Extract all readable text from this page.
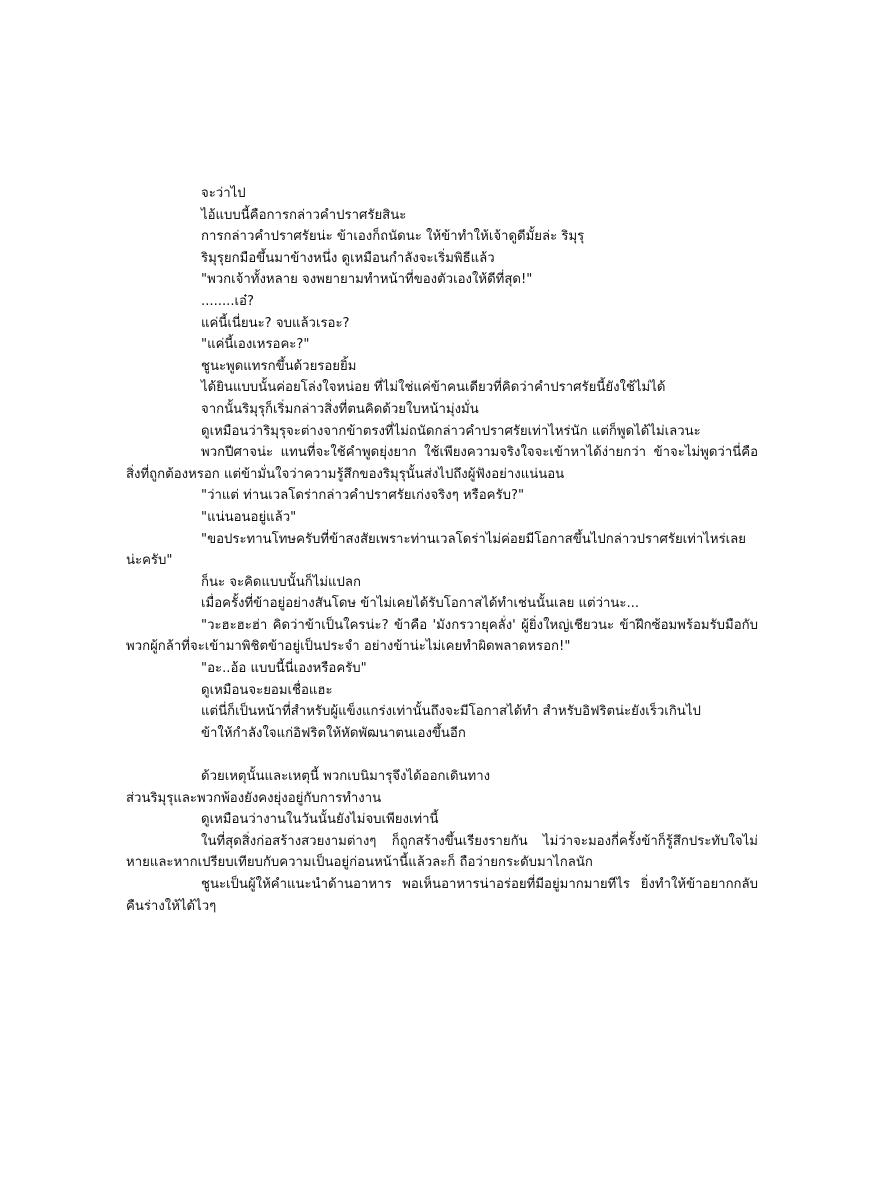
จะว่าไป

ไอ้แบบนี้คือการกล่าวคำปราศรัยสินะ

การกล่าวคำปราศรัยน่ะ ข้าเองก็ถนัดนะ ให้ข้าทำให้เจ้าดูดีมั้ยล่ะ ริมุรุ

ริมุรุยกมือขึ้นมาข้างหนึ่ง ดูเหมือนกำลังจะเริ่มพิธีแล้ว

"พวกเจ้าทั้งหลาย จงพยายามทำหน้าที่ของตัวเองให้ดีที่สุด!"

........เอ๋?

แค่นี้เนี่ยนะ? จบแล้วเรอะ?

"แค่นี้เองเหรอคะ?"

ชูนะพูดแทรกขึ้นด้วยรอยยิ้ม

ได้ยินแบบนั้นค่อยโล่งใจหน่อย ที่ไม่ใช่แค่ข้าคนเดียวที่คิดว่าคำปราศรัยนี้ยังใช้ไม่ได้

จากนั้นริมุรุก็เริ่มกล่าวสิ่งที่ตนคิดด้วยใบหน้ามุ่งมั่น

ดูเหมือนว่าริมุรุจะต่างจากข้าตรงที่ไม่ถนัดกล่าวคำปราศรัยเท่าไหร่นัก แต่ก็พูดได้ไม่เลวนะ

พวกปีศาจน่ะ แทนที่จะใช้คำพูดยุ่งยาก ใช้เพียงความจริงใจจะเข้าหาได้ง่ายกว่า ข้าจะไม่พูดว่านี่คือสิ่งที่ถูกต้องหรอก แต่ข้ามั่นใจว่าความรู้สึกของริมุรุนั้นส่งไปถึงผู้ฟังอย่างแน่นอน

"ว่าแต่ ท่านเวลโดร่ากล่าวคำปราศรัยเก่งจริงๆ หรือครับ?"

"แน่นอนอยู่แล้ว"

"ขอประทานโทษครับที่ข้าสงสัยเพราะท่านเวลโดร่าไม่ค่อยมีโอกาสขึ้นไปกล่าวปราศรัยเท่าไหร่เลยน่ะครับ"

ก็นะ จะคิดแบบนั้นก็ไม่แปลก

เมื่อครั้งที่ข้าอยู่อย่างสันโดษ ข้าไม่เคยได้รับโอกาสได้ทำเช่นนั้นเลย แต่ว่านะ...

"วะฮะฮะฮ่า คิดว่าข้าเป็นใครน่ะ? ข้าคือ 'มังกรวายุคลั่ง' ผู้ยิ่งใหญ่เชียวนะ ข้าฝึกซ้อมพร้อมรับมือกับพวกผู้กล้าที่จะเข้ามาพิชิตข้าอยู่เป็นประจำ อย่างข้าน่ะไม่เคยทำผิดพลาดหรอก!"

"อะ..อ้อ แบบนี้นี่เองหรือครับ"

ดูเหมือนจะยอมเชื่อแฮะ

แต่นี่ก็เป็นหน้าที่สำหรับผู้แข็งแกร่งเท่านั้นถึงจะมีโอกาสได้ทำ สำหรับอิฟริตน่ะยังเร็วเกินไป

ข้าให้กำลังใจแก่อิฟริตให้หัดพัฒนาตนเองขึ้นอีก

ด้วยเหตุนั้นและเหตุนี้ พวกเบนิมารุจึงได้ออกเดินทาง

ส่วนริมุรุและพวกพ้องยังคงยุ่งอยู่กับการทำงาน

ดูเหมือนว่างานในวันนั้นยังไม่จบเพียงเท่านี้

ในที่สุดสิ่งก่อสร้างสวยงามต่างๆ ก็ถูกสร้างขึ้นเรียงรายกัน ไม่ว่าจะมองกี่ครั้งข้าก็รู้สึกประทับใจไม่หายและหากเปรียบเทียบกับความเป็นอยู่ก่อนหน้านี้แล้วละก็ ถือว่ายกระดับมาไกลนัก

ชูนะเป็นผู้ให้คำแนะนำด้านอาหาร พอเห็นอาหารน่าอร่อยที่มีอยู่มากมายทีไร ยิ่งทำให้ข้าอยากกลับคืนร่างให้ได้ไวๆ
